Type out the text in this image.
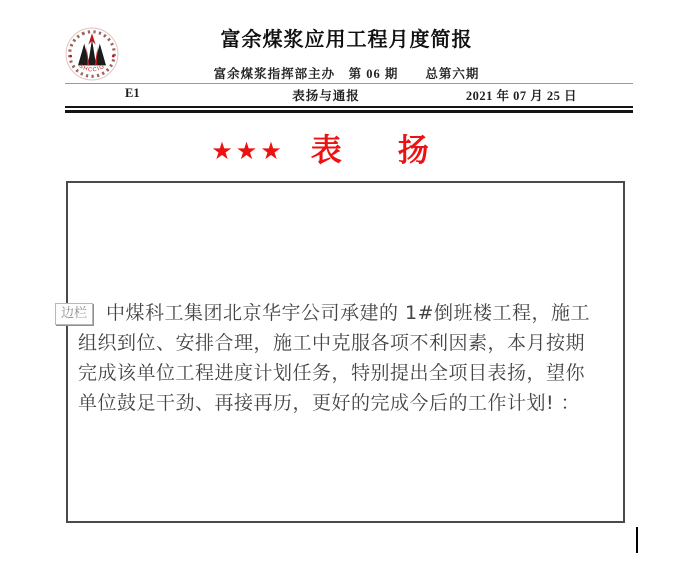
SHCCIG
富余煤浆应用工程月度简报
富余煤浆指挥部主办　第 06 期　　总第六期
E1	表扬与通报	2021 年 07 月 25 日
★★★ 表 扬
中煤科工集团北京华宇公司承建的 1#倒班楼工程，施工
组织到位、安排合理，施工中克服各项不利因素，本月按期
完成该单位工程进度计划任务，特别提出全项目表扬，望你
单位鼓足干劲、再接再历，更好的完成今后的工作计划! ：
边栏
